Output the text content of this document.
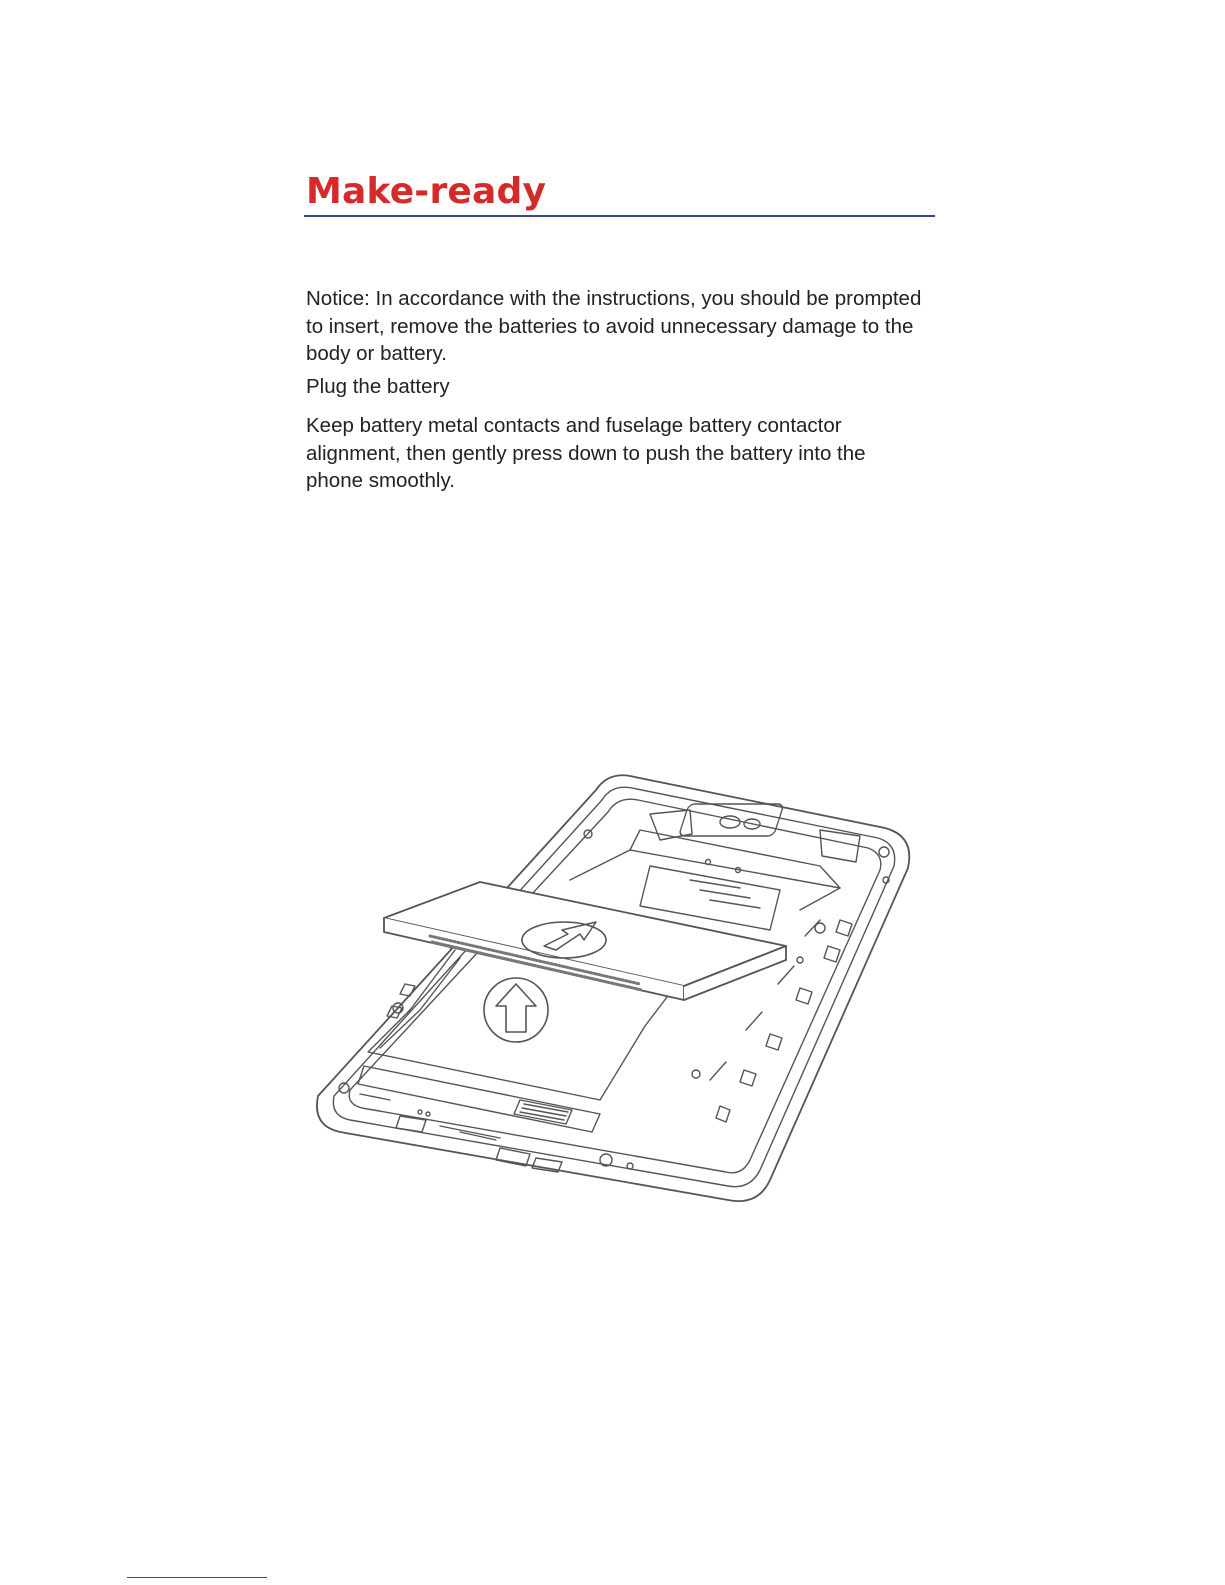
Make-ready

Notice: In accordance with the instructions, you should be prompted to insert, remove the batteries to avoid unnecessary damage to the body or battery.

Plug the battery

Keep battery metal contacts and fuselage battery contactor alignment, then gently press down to push the battery into the phone smoothly.
